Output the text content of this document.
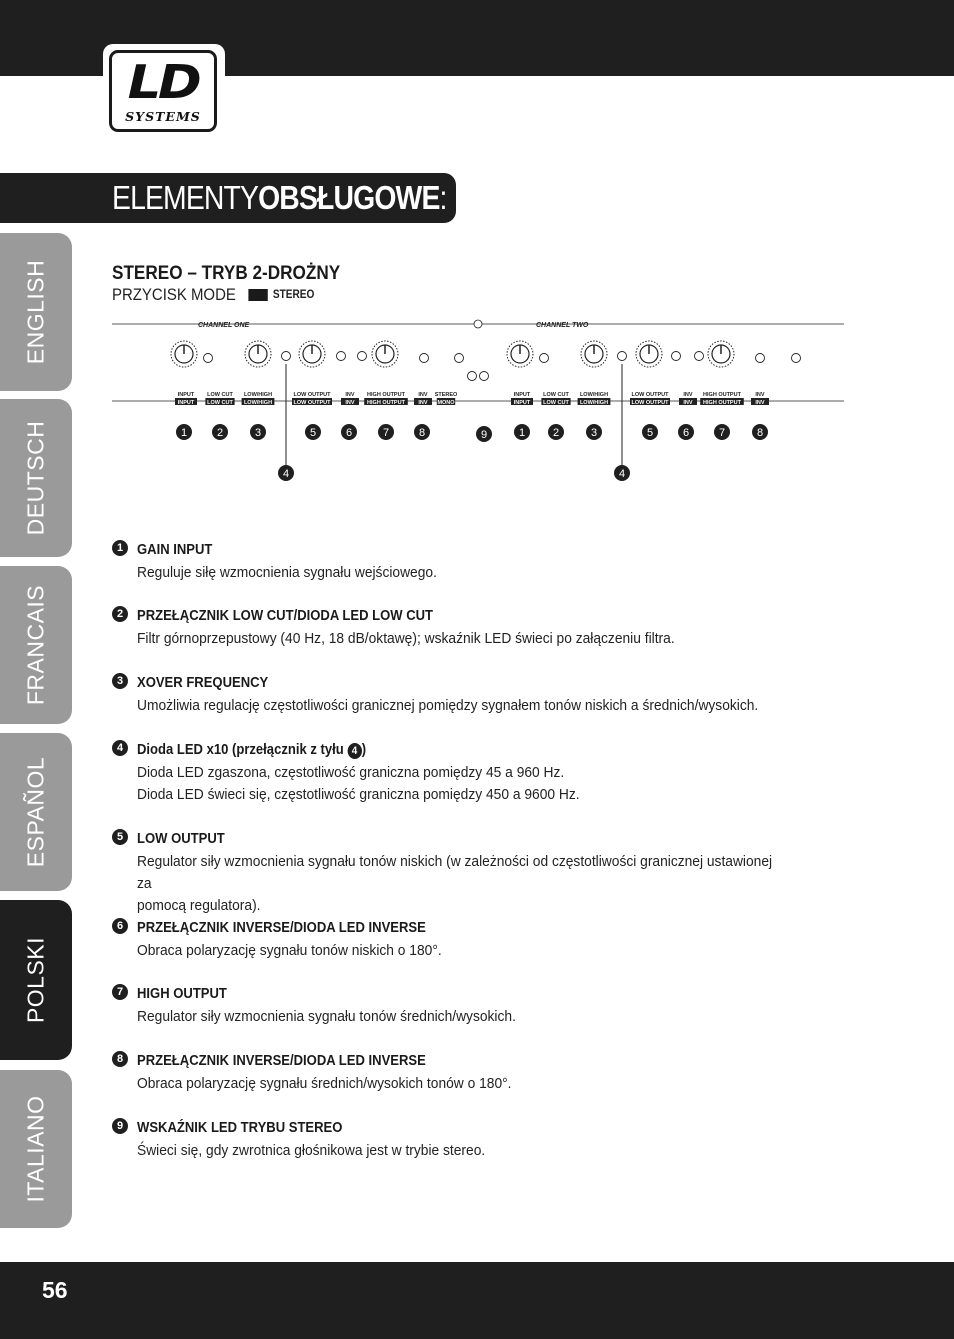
LD
SYSTEMS
ELEMENTYOBSŁUGOWE:
ENGLISH
DEUTSCH
FRANCAIS
ESPAÑOL
POLSKI
ITALIANO
STEREO – TRYB 2-DROŻNY
PRZYCISK MODE	STEREO
CHANNEL ONE	CHANNEL TWO
INPUT LOW CUT LOW/HIGH	LOW OUTPUT	INV HIGH OUTPUT INV STEREO
MONO
INPUT LOW CUT LOW/HIGH	LOW OUTPUT	INV HIGH OUTPUT INV
INPUT
INPUT
LOW CUT
LOW CUT
LOW/HIGH
LOW/HIGH
LOW OUTPUT
LOW OUTPUT
INV
INV
HIGH OUTPUT
HIGH OUTPUT
INV
INV
1	2	3	5	6	7	8	9	1	2	3	5	6	7	8
4	4
1 GAIN INPUT
Reguluje siłę wzmocnienia sygnału wejściowego.
2 PRZEŁĄCZNIK LOW CUT/DIODA LED LOW CUT
Filtr górnoprzepustowy (40 Hz, 18 dB/oktawę); wskaźnik LED świeci po załączeniu filtra.
3 XOVER FREQUENCY
Umożliwia regulację częstotliwości granicznej pomiędzy sygnałem tonów niskich a średnich/wysokich.
4 Dioda LED x10 (przełącznik z tyłu 4 )
Dioda LED zgaszona, częstotliwość graniczna pomiędzy 45 a 960 Hz.
Dioda LED świeci się, częstotliwość graniczna pomiędzy 450 a 9600 Hz.
5 LOW OUTPUT
Regulator siły wzmocnienia sygnału tonów niskich (w zależności od częstotliwości granicznej ustawionej za
pomocą regulatora).
6 PRZEŁĄCZNIK INVERSE/DIODA LED INVERSE
Obraca polaryzację sygnału tonów niskich o 180°.
7 HIGH OUTPUT
Regulator siły wzmocnienia sygnału tonów średnich/wysokich.
8 PRZEŁĄCZNIK INVERSE/DIODA LED INVERSE
Obraca polaryzację sygnału średnich/wysokich tonów o 180°.
9 WSKAŹNIK LED TRYBU STEREO
Świeci się, gdy zwrotnica głośnikowa jest w trybie stereo.
56
